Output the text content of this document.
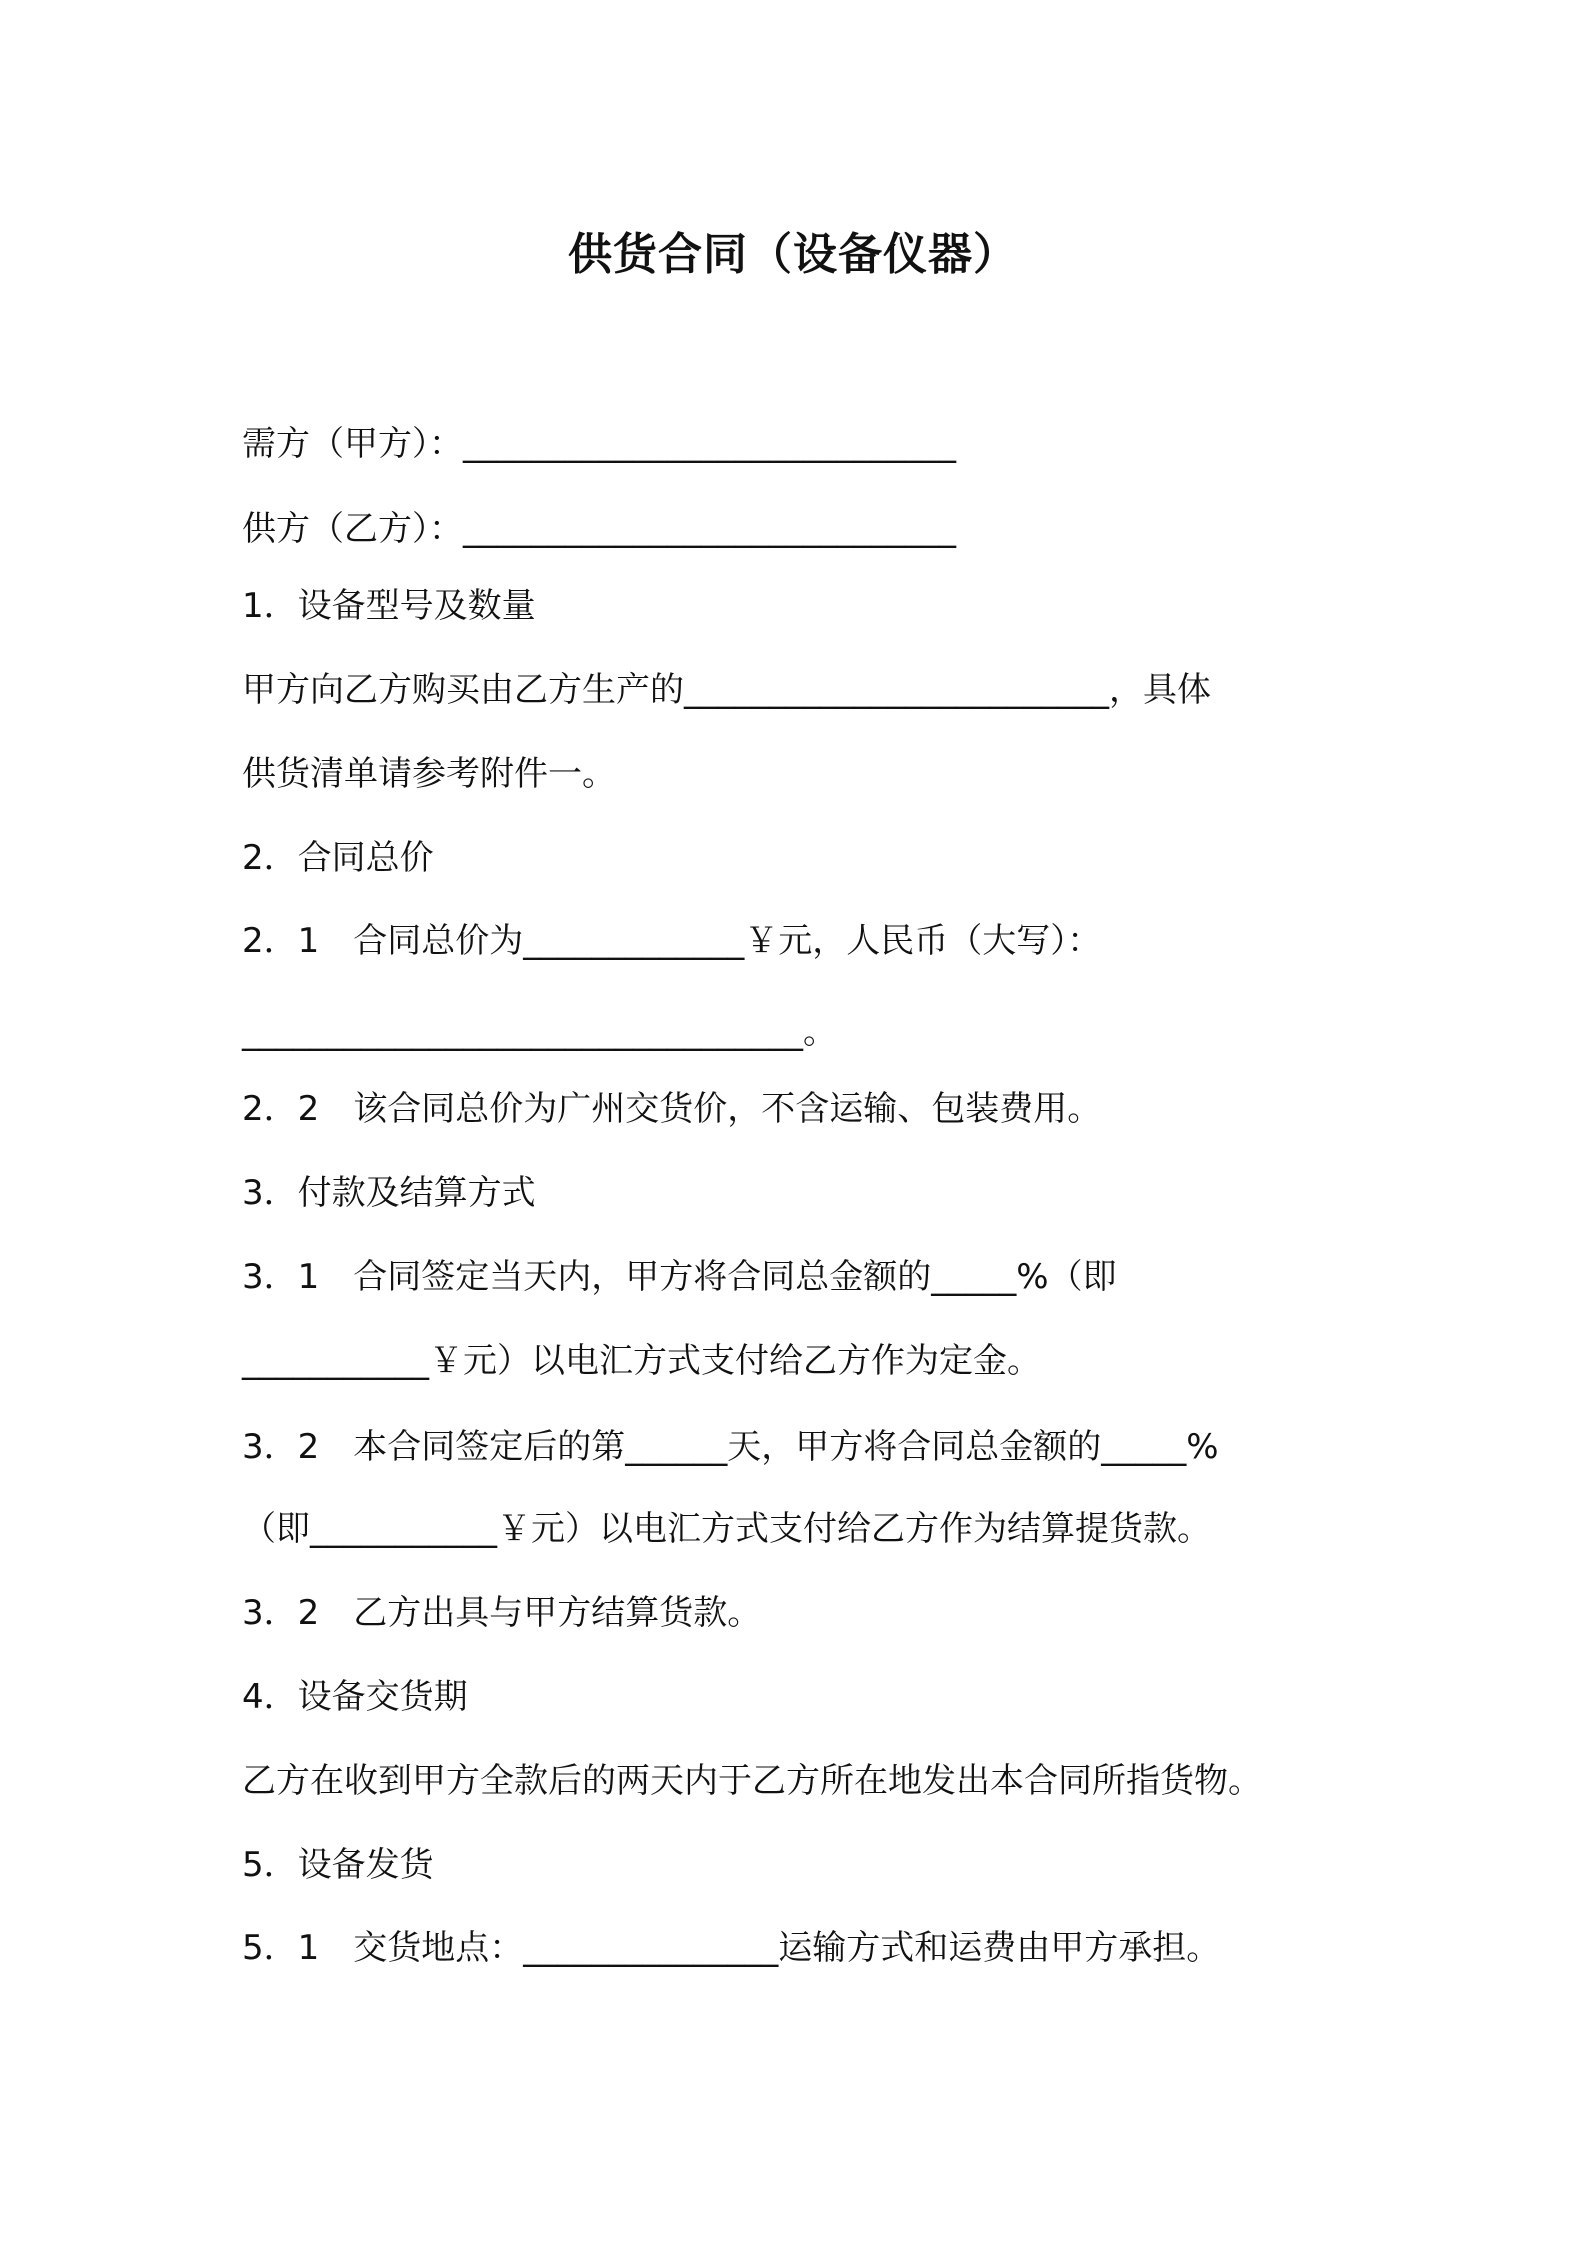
供货合同（设备仪器）

需方（甲方）：_____________________________

供方（乙方）：_____________________________

1．设备型号及数量

甲方向乙方购买由乙方生产的_________________________，具体

供货清单请参考附件一。

2．合同总价

2．1　合同总价为_____________￥元，人民币（大写）：

_________________________________。

2．2　该合同总价为广州交货价，不含运输、包装费用。

3．付款及结算方式

3．1　合同签定当天内，甲方将合同总金额的_____%（即

___________￥元）以电汇方式支付给乙方作为定金。

3．2　本合同签定后的第______天，甲方将合同总金额的_____%

（即___________￥元）以电汇方式支付给乙方作为结算提货款。

3．2　乙方出具与甲方结算货款。

4．设备交货期

乙方在收到甲方全款后的两天内于乙方所在地发出本合同所指货物。

5．设备发货

5．1　交货地点：_______________运输方式和运费由甲方承担。
